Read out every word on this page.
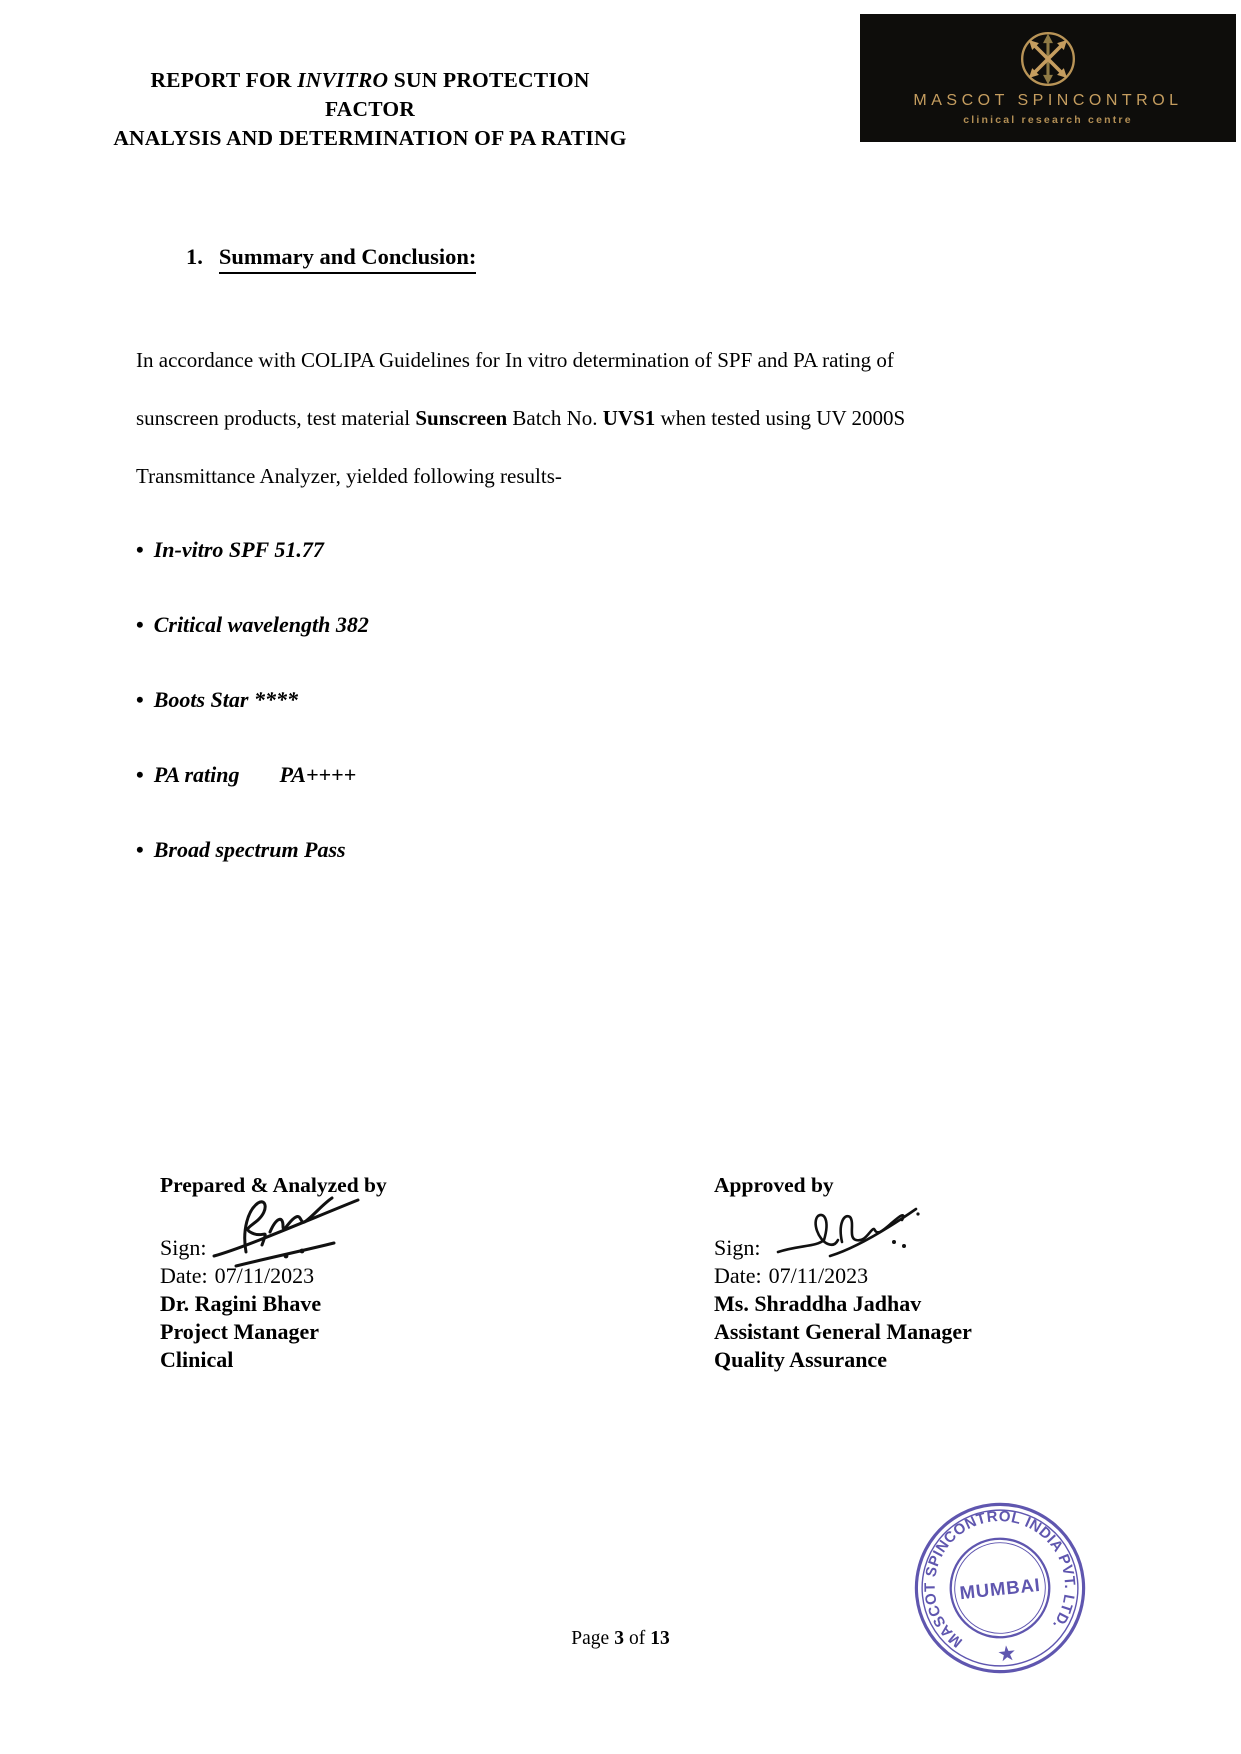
REPORT FOR INVITRO SUN PROTECTION FACTOR
ANALYSIS AND DETERMINATION OF PA RATING
MASCOT SPINCONTROL
clinical research centre
1. Summary and Conclusion:
In accordance with COLIPA Guidelines for In vitro determination of SPF and PA rating of
sunscreen products, test material Sunscreen Batch No. UVS1 when tested using UV 2000S
Transmittance Analyzer, yielded following results-
• In-vitro SPF 51.77
• Critical wavelength 382
• Boots Star ****
• PA rating PA++++
• Broad spectrum Pass
Prepared & Analyzed by
Sign:
Date: 07/11/2023
Dr. Ragini Bhave
Project Manager
Clinical
Approved by
Sign:
Date: 07/11/2023
Ms. Shraddha Jadhav
Assistant General Manager
Quality Assurance
MASCOT SPINCONTROL INDIA PVT. LTD.
★
MUMBAI
Page 3 of 13
